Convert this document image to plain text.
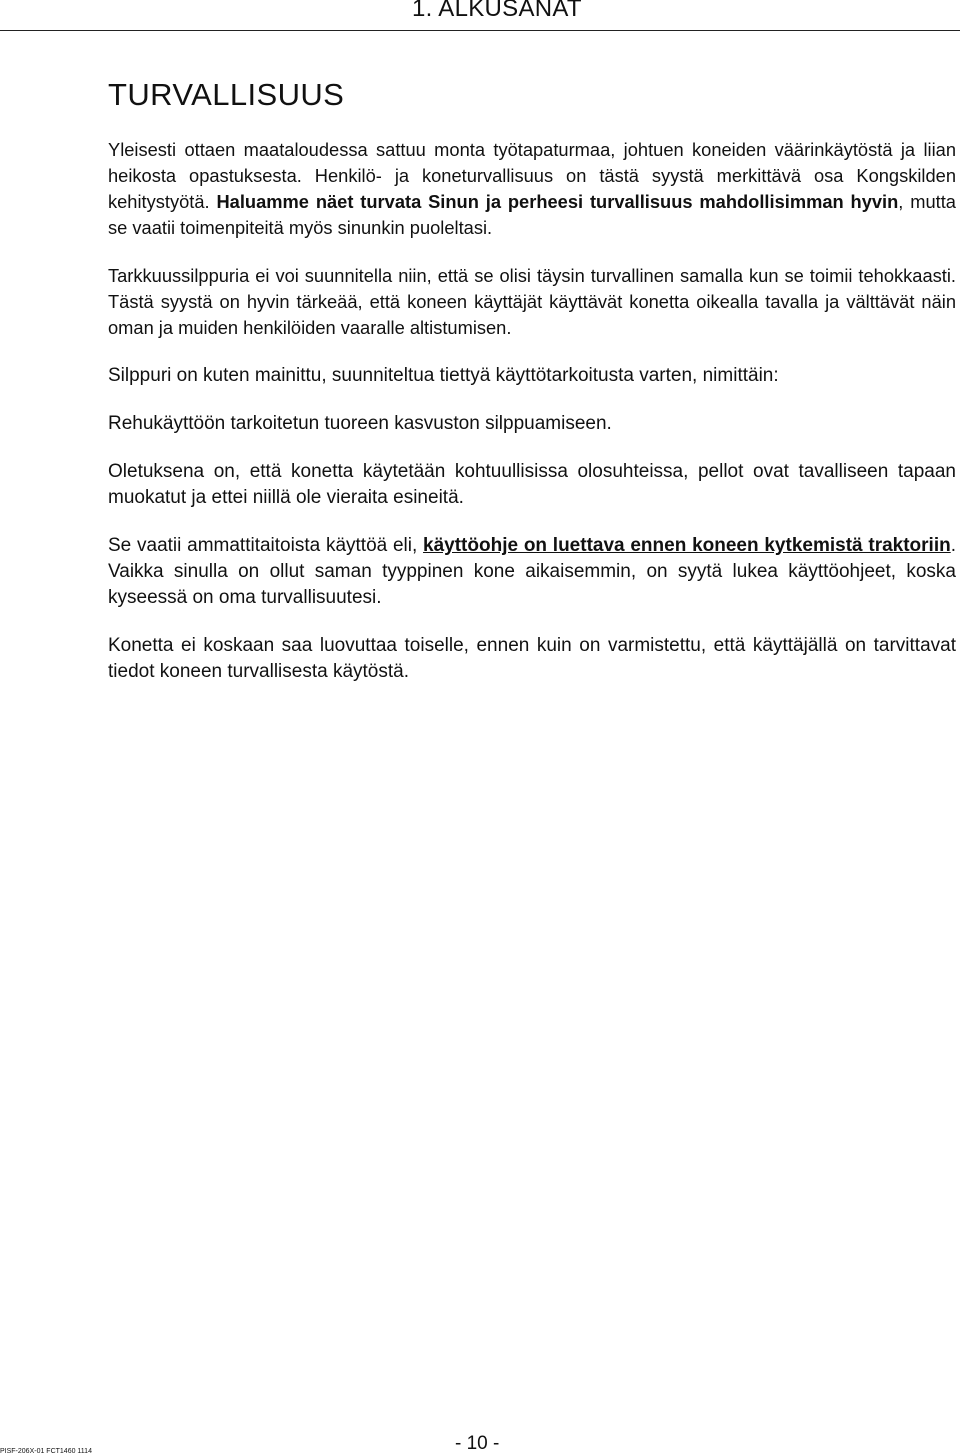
1. ALKUSANAT
TURVALLISUUS

Yleisesti ottaen maataloudessa sattuu monta työtapaturmaa, johtuen koneiden väärinkäytöstä ja liian heikosta opastuksesta. Henkilö- ja koneturvallisuus on tästä syystä merkittävä osa Kongskilden kehitystyötä. Haluamme näet turvata Sinun ja perheesi turvallisuus mahdollisimman hyvin, mutta se vaatii toimenpiteitä myös sinunkin puoleltasi.

Tarkkuussilppuria ei voi suunnitella niin, että se olisi täysin turvallinen samalla kun se toimii tehokkaasti. Tästä syystä on hyvin tärkeää, että koneen käyttäjät käyttävät konetta oikealla tavalla ja välttävät näin oman ja muiden henkilöiden vaaralle altistumisen.

Silppuri on kuten mainittu, suunniteltua tiettyä käyttötarkoitusta varten, nimittäin:

Rehukäyttöön tarkoitetun tuoreen kasvuston silppuamiseen.

Oletuksena on, että konetta käytetään kohtuullisissa olosuhteissa, pellot ovat tavalliseen tapaan muokatut ja ettei niillä ole vieraita esineitä.

Se vaatii ammattitaitoista käyttöä eli, käyttöohje on luettava ennen koneen kytkemistä traktoriin. Vaikka sinulla on ollut saman tyyppinen kone aikaisemmin, on syytä lukea käyttöohjeet, koska kyseessä on oma turvallisuutesi.

Konetta ei koskaan saa luovuttaa toiselle, ennen kuin on varmistettu, että käyttäjällä on tarvittavat tiedot koneen turvallisesta käytöstä.

PISF-206X-01 FCT1460 1114	- 10 -
